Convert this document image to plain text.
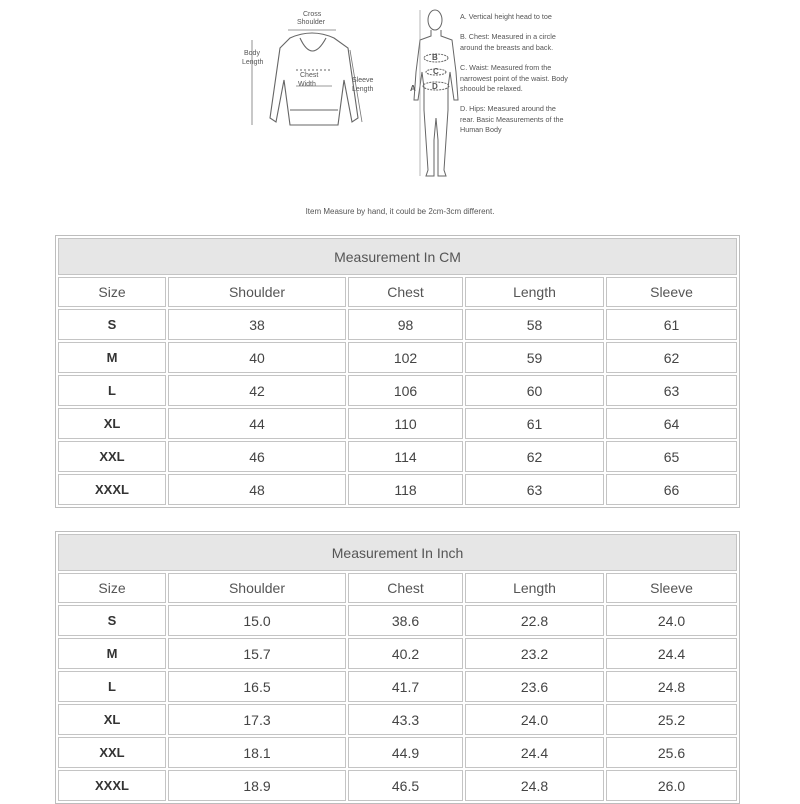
Cross
Shoulder
Body
Length
Chest
Width
Sleeve
Length
B
C
D
A
A. Vertical height head to toe
B. Chest: Measured in a circle around the breasts and back.
C. Waist: Measured from the narrowest point of the waist. Body shoould be relaxed.
D. Hips: Measured around the rear. Basic Measurements of the Human Body
Item Measure by hand, it could be 2cm-3cm different.
Measurement In CM				
Size	Shoulder	Chest	Length	Sleeve
S	38	98	58	61
M	40	102	59	62
L	42	106	60	63
XL	44	110	61	64
XXL	46	114	62	65
XXXL	48	118	63	66
Measurement In Inch				
Size	Shoulder	Chest	Length	Sleeve
S	15.0	38.6	22.8	24.0
M	15.7	40.2	23.2	24.4
L	16.5	41.7	23.6	24.8
XL	17.3	43.3	24.0	25.2
XXL	18.1	44.9	24.4	25.6
XXXL	18.9	46.5	24.8	26.0
